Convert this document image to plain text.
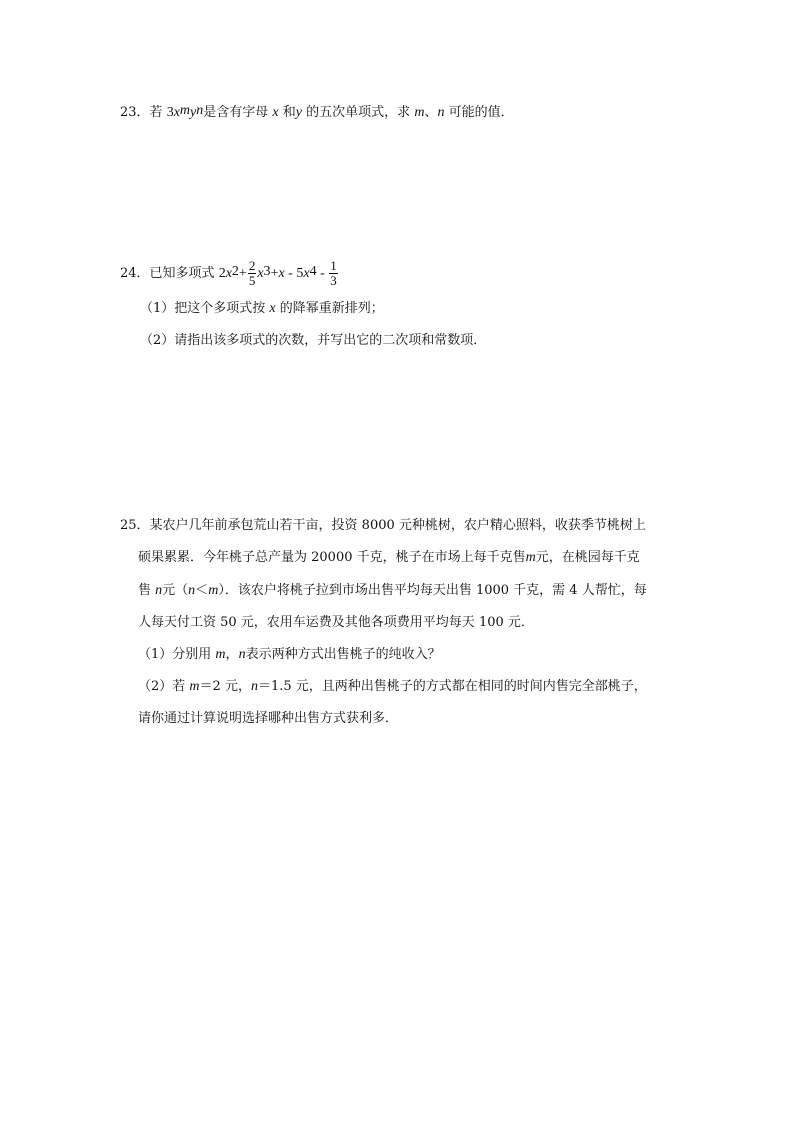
23．若 $3x^my^n$是含有字母 x 和y 的五次单项式，求 m、n 可能的值．
24．已知多项式 $2x^2+ \frac{2}{5} x^3+x - 5x^4 - \frac{1}{3}$
（1）把这个多项式按 x 的降幂重新排列；
（2）请指出该多项式的次数，并写出它的二次项和常数项．
25．某农户几年前承包荒山若干亩，投资 8000 元种桃树，农户精心照料，收获季节桃树上
硕果累累．今年桃子总产量为 20000 千克，桃子在市场上每千克售m元，在桃园每千克
售 n元（n＜m）．该农户将桃子拉到市场出售平均每天出售 1000 千克，需 4 人帮忙，每
人每天付工资 50 元，农用车运费及其他各项费用平均每天 100 元．
（1）分别用 m，n表示两种方式出售桃子的纯收入？
（2）若 m＝2 元，n＝1.5 元，且两种出售桃子的方式都在相同的时间内售完全部桃子，
请你通过计算说明选择哪种出售方式获利多．
